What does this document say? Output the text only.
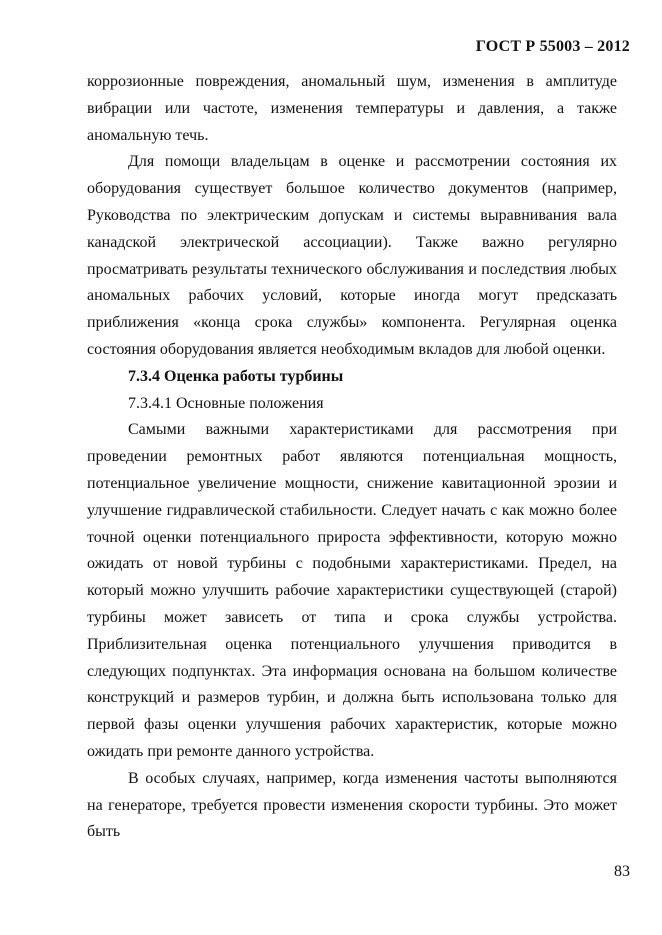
ГОСТ Р 55003 – 2012

коррозионные повреждения, аномальный шум, изменения в амплитуде вибрации или частоте, изменения температуры и давления, а также аномальную течь.

Для помощи владельцам в оценке и рассмотрении состояния их оборудования существует большое количество документов (например, Руководства по электрическим допускам и системы выравнивания вала канадской электрической ассоциации). Также важно регулярно просматривать результаты технического обслуживания и последствия любых аномальных рабочих условий, которые иногда могут предсказать приближения «конца срока службы» компонента. Регулярная оценка состояния оборудования является необходимым вкладов для любой оценки.

7.3.4 Оценка работы турбины

7.3.4.1 Основные положения

Самыми важными характеристиками для рассмотрения при проведении ремонтных работ являются потенциальная мощность, потенциальное увеличение мощности, снижение кавитационной эрозии и улучшение гидравлической стабильности. Следует начать с как можно более точной оценки потенциального прироста эффективности, которую можно ожидать от новой турбины с подобными характеристиками. Предел, на который можно улучшить рабочие характеристики существующей (старой) турбины может зависеть от типа и срока службы устройства. Приблизительная оценка потенциального улучшения приводится в следующих подпунктах. Эта информация основана на большом количестве конструкций и размеров турбин, и должна быть использована только для первой фазы оценки улучшения рабочих характеристик, которые можно ожидать при ремонте данного устройства.

В особых случаях, например, когда изменения частоты выполняются на генераторе, требуется провести изменения скорости турбины. Это может быть

83
